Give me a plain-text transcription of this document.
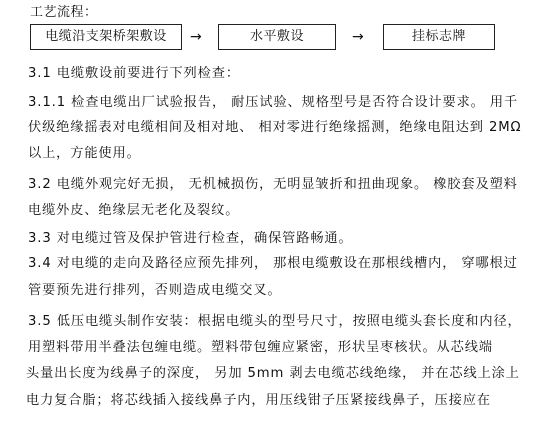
工艺流程：
电缆沿支架桥架敷设	→	水平敷设	→	挂标志牌
3.1 电缆敷设前要进行下列检查：
3.1.1 检查电缆出厂试验报告， 耐压试验、规格型号是否符合设计要求。 用千
伏级绝缘摇表对电缆相间及相对地、 相对零进行绝缘摇测，绝缘电阻达到 2MΩ
以上，方能使用。
3.2 电缆外观完好无损， 无机械损伤，无明显皱折和扭曲现象。 橡胶套及塑料
电缆外皮、绝缘层无老化及裂纹。
3.3 对电缆过管及保护管进行检查，确保管路畅通。
3.4 对电缆的走向及路径应预先排列， 那根电缆敷设在那根线槽内， 穿哪根过
管要预先进行排列，否则造成电缆交叉。
3.5 低压电缆头制作安装：根据电缆头的型号尺寸，按照电缆头套长度和内径，
用塑料带用半叠法包缠电缆。塑料带包缠应紧密，形状呈枣核状。从芯线端
头量出长度为线鼻子的深度， 另加 5mm 剥去电缆芯线绝缘， 并在芯线上涂上
电力复合脂；将芯线插入接线鼻子内，用压线钳子压紧接线鼻子，压接应在
